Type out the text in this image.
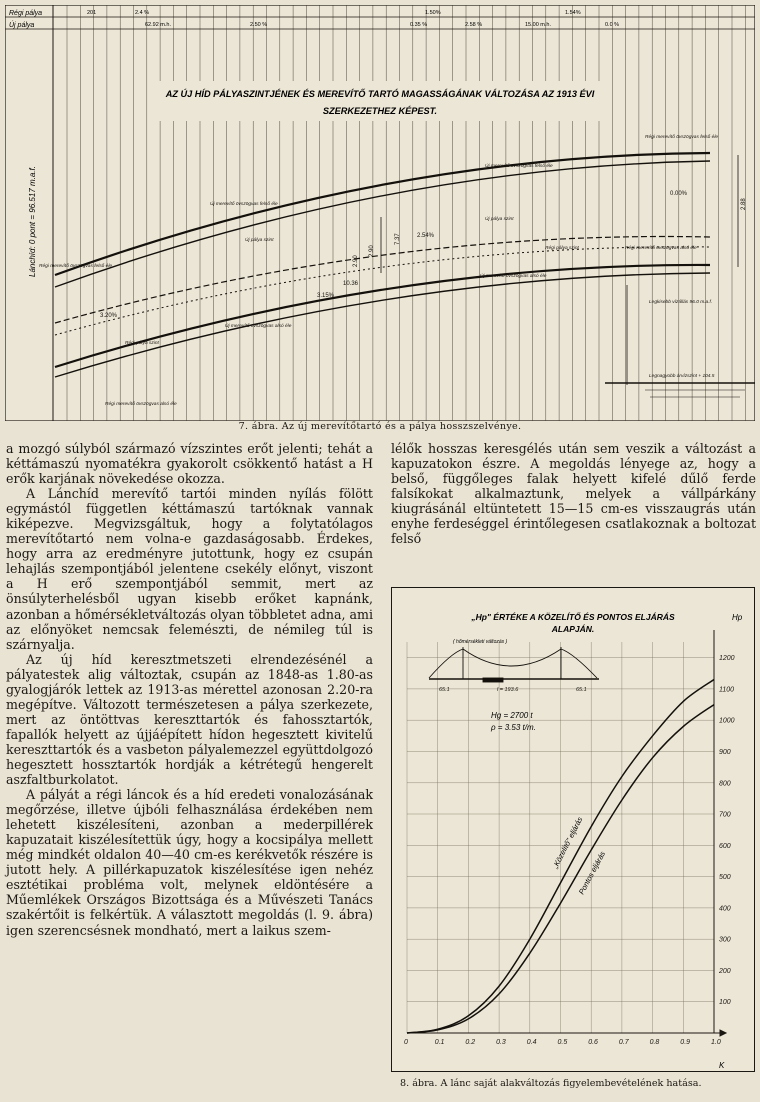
Régi pálya
Új pálya
201	2.4 %	1.50%	1.54%
62.92 m.h.	2.50 %	0.35 %	2.58 %	15.00 m.h.	0.0 %
AZ ÚJ HÍD PÁLYASZINTJÉNEK ÉS MEREVÍTŐ TARTÓ MAGASSÁGÁNAK VÁLTOZÁSA AZ 1913 ÉVI
SZERKEZETHEZ KÉPEST.
Lánchíd: 0 pont = 96.517 m.a.f.	Új merevítő övszögvas felső éle
Régi merevítő övszögvas felső éle
Új pálya szint
Régi pálya szint
Új merevítő övszögvas alsó éle
Régi merevítő övszögvas alsó éle
Új merevítő övszögvas felső éle
Régi merevítő övszögvas felső éle
Új pálya szint
Régi pálya szint
Új merevítő övszögvas alsó éle
Régi merevítő övszögvas alsó éle
Legkisebb vízállás 96.0 m.a.f.
Legnagyobb árvízszint + 104.5
3.20%
3.15%
2.54%
0.00%
2.90
2.90
10.36
7.37
2.88
7. ábra. Az új merevítőtartó és a pálya hosszszelvénye.

a mozgó súlyból származó vízszintes erőt jelenti; tehát a kéttámaszú nyomatékra gyakorolt csökkentő hatást a H erők karjának növekedése okozza.

A Lánchíd merevítő tartói minden nyílás fölött egymástól független kéttámaszú tartóknak vannak kiképezve. Megvizsgáltuk, hogy a folytatólagos merevítőtartó nem volna-e gazdaságosabb. Érdekes, hogy arra az eredményre jutottunk, hogy ez csupán lehajlás szempontjából jelentene csekély előnyt, viszont a H erő szempontjából semmit, mert az önsúlyterhelésből ugyan kisebb erőket kapnánk, azonban a hőmérsékletváltozás olyan többletet adna, ami az előnyöket nemcsak felemészti, de némileg túl is szárnyalja.

Az új híd keresztmetszeti elrendezésénél a pályatestek alig változtak, csupán az 1848-as 1.80-as gyalogjárók lettek az 1913-as mérettel azonosan 2.20-ra megépítve. Változott természetesen a pálya szerkezete, mert az öntöttvas kereszttartók és fahossztartók, fapallók helyett az újjáépített hídon hegesztett kivitelű kereszttartók és a vasbeton pályalemezzel együttdolgozó hegesztett hossztartók hordják a kétrétegű hengerelt aszfaltburkolatot.

A pályát a régi láncok és a híd eredeti vonalozásának megőrzése, illetve újbóli felhasználása érdekében nem lehetett kiszélesíteni, azonban a mederpillérek kapuzatait kiszélesítettük úgy, hogy a kocsipálya mellett még mindkét oldalon 40—40 cm-es kerékvetők részére is jutott hely. A pillérkapuzatok kiszélesítése igen nehéz esztétikai probléma volt, melynek eldöntésére a Műemlékek Országos Bizottsága és a Művészeti Tanács szakértőit is felkértük. A választott megoldás (l. 9. ábra) igen szerencsésnek mondható, mert a laikus szem-

lélők hosszas keresgélés után sem veszik a változást a kapuzatokon észre. A megoldás lényege az, hogy a belső, függőleges falak helyett kifelé dűlő ferde falsíkokat alkalmaztunk, melyek a vállpárkány kiugrásánál eltüntetett 15—15 cm-es visszaugrás után enyhe ferdeséggel érintőlegesen csatlakoznak a boltozat felső

0	0.1	0.2	0.3	0.4	0.5	0.6	0.7	0.8	0.9	1.0
100
200
300
400
500
600
700
800
900
1000
1100
1200
„Hp" ÉRTÉKE A KÖZELÍTŐ ÉS PONTOS ELJÁRÁS
ALAPJÁN.
( hőmérsékleti változás )
65.1	l = 193.6	65.1
Hg = 2700 t
ρ = 3.53 t/m.
Hp
K
„Közelítő" eljárás
Pontos eljárás
8. ábra. A lánc saját alakváltozás figyelembevételének hatása.
